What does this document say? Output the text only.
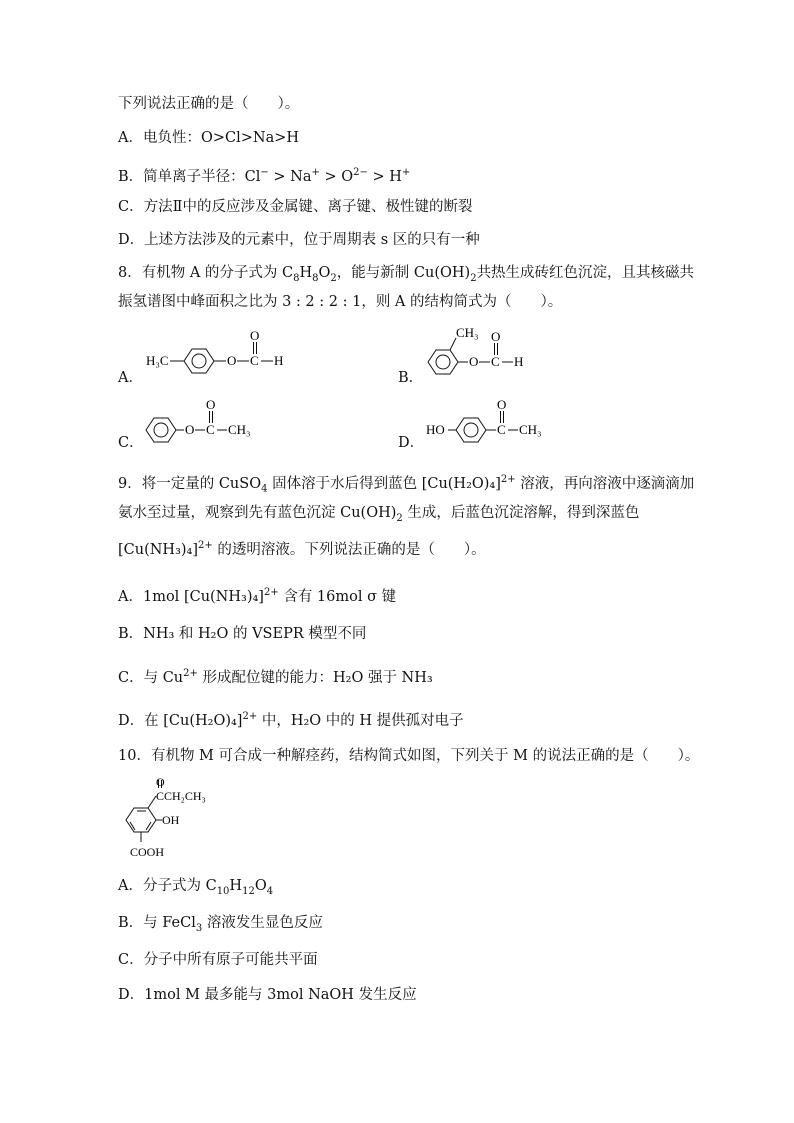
下列说法正确的是（　　）。
A．电负性：O>Cl>Na>H
B．简单离子半径：$Cl^- > Na^+ > O^{2-} > H^+$
C．方法Ⅱ中的反应涉及金属键、离子键、极性键的断裂
D．上述方法涉及的元素中，位于周期表 s 区的只有一种
8．有机物 A 的分子式为 $C_8H_8O_2$，能与新制 $Cu(OH)_2$共热生成砖红色沉淀，且其核磁共
振氢谱图中峰面积之比为 3 : 2 : 2 : 1，则 A 的结构简式为（　　）。
A．
H₃C	O C
O
H
B．
CH₃
O C
O
H
C．
O C
O
CH₃
D．
HO	C
O
CH₃
9．将一定量的 CuSO$_4$ 固体溶于水后得到蓝色 $[Cu(H_2O)_4]^{2+}$ 溶液，再向溶液中逐滴滴加
氨水至过量，观察到先有蓝色沉淀 $Cu(OH)_2$ 生成，后蓝色沉淀溶解，得到深蓝色
$[Cu(NH_3)_4]^{2+}$ 的透明溶液。下列说法正确的是（　　）。
A．1mol $[Cu(NH_3)_4]^{2+}$ 含有 16mol σ 键
B．NH₃ 和 H₂O 的 VSEPR 模型不同
C．与 $Cu^{2+}$ 形成配位键的能力：H₂O 强于 NH₃
D．在 $[Cu(H_2O)_4]^{2+}$ 中，H₂O 中的 H 提供孤对电子
10．有机物 M 可合成一种解痉药，结构简式如图，下列关于 M 的说法正确的是（　　）。
CCH₂CH₃
O
OH
COOH
A．分子式为 $C_{10}H_{12}O_4$
B．与 FeCl$_3$ 溶液发生显色反应
C．分子中所有原子可能共平面
D．1mol M 最多能与 3mol NaOH 发生反应
